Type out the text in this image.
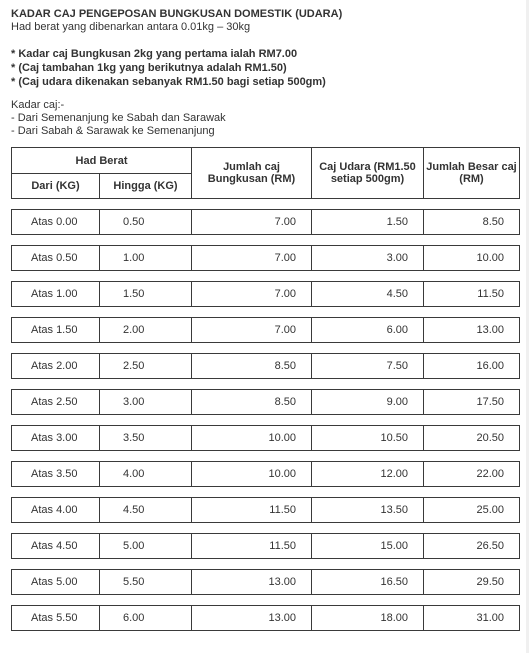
KADAR CAJ PENGEPOSAN BUNGKUSAN DOMESTIK (UDARA)
Had berat yang dibenarkan antara 0.01kg – 30kg
* Kadar caj Bungkusan 2kg yang pertama ialah RM7.00
* (Caj tambahan 1kg yang berikutnya adalah RM1.50)
* (Caj udara dikenakan sebanyak RM1.50 bagi setiap 500gm)
Kadar caj:-
- Dari Semenanjung ke Sabah dan Sarawak
- Dari Sabah & Sarawak ke Semenanjung
Had Berat		Jumlah caj Bungkusan (RM)	Caj Udara (RM1.50 setiap 500gm)	Jumlah Besar caj (RM)
Dari (KG)	Hingga (KG)			

Atas 0.00	0.50	7.00	1.50	8.50

Atas 0.50	1.00	7.00	3.00	10.00

Atas 1.00	1.50	7.00	4.50	11.50

Atas 1.50	2.00	7.00	6.00	13.00

Atas 2.00	2.50	8.50	7.50	16.00

Atas 2.50	3.00	8.50	9.00	17.50

Atas 3.00	3.50	10.00	10.50	20.50

Atas 3.50	4.00	10.00	12.00	22.00

Atas 4.00	4.50	11.50	13.50	25.00

Atas 4.50	5.00	11.50	15.00	26.50

Atas 5.00	5.50	13.00	16.50	29.50

Atas 5.50	6.00	13.00	18.00	31.00
